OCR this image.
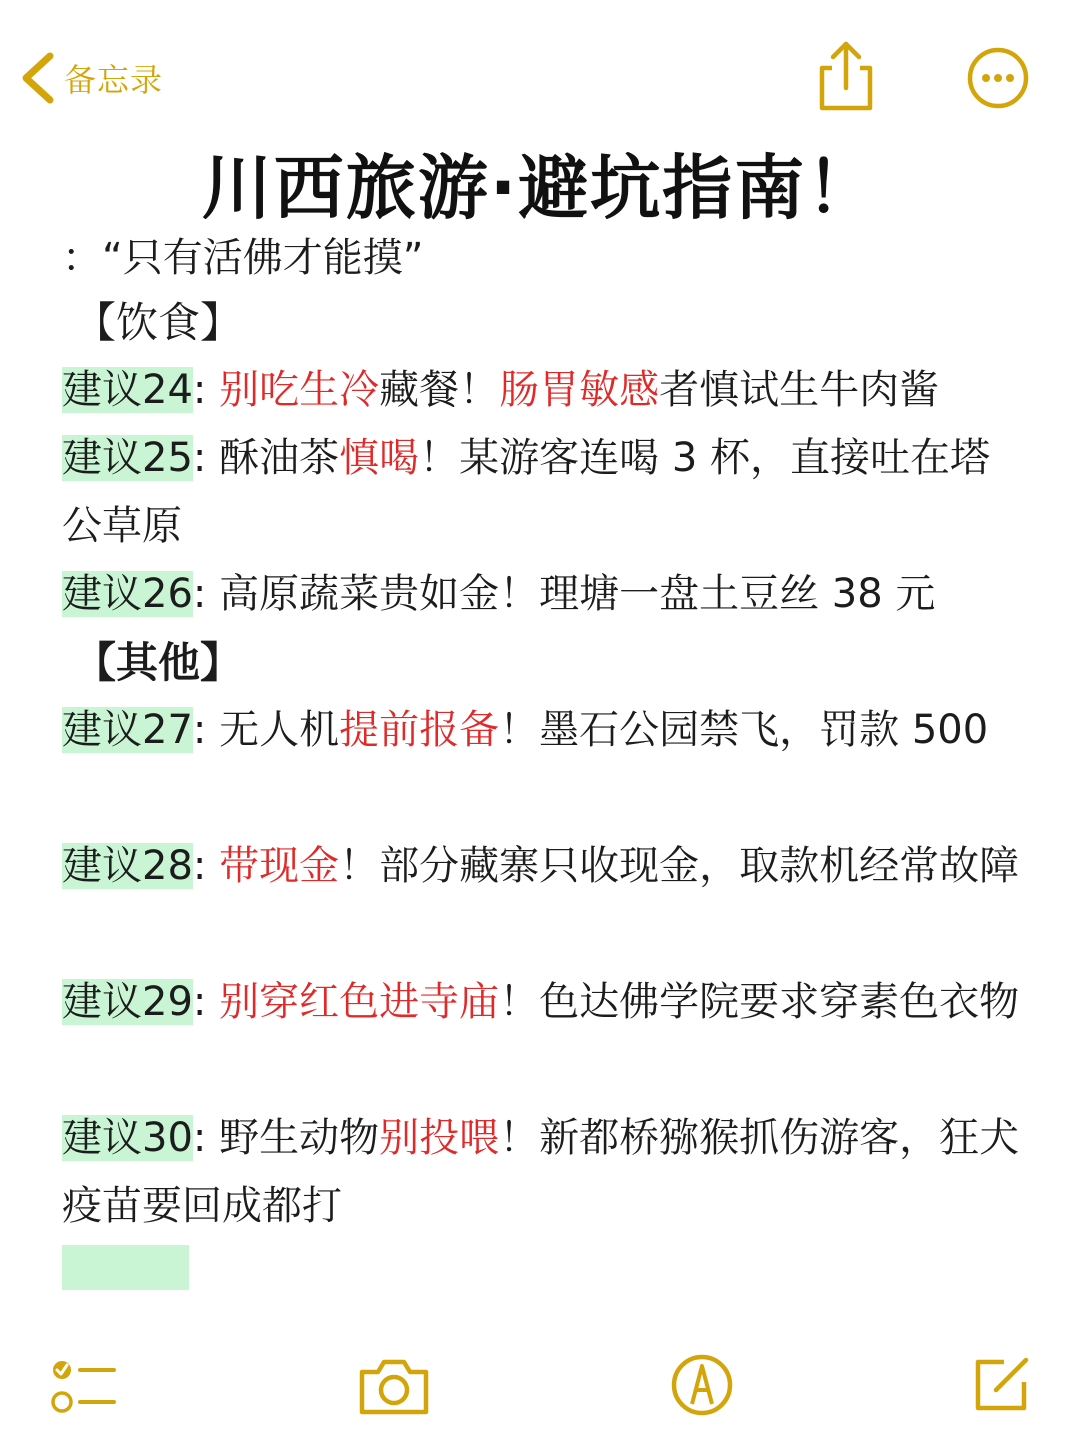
备忘录
川西旅游·避坑指南！
：“只有活佛才能摸”
【饮食】
建议24: 别吃生冷藏餐！肠胃敏感者慎试生牛肉酱
建议25: 酥油茶慎喝！某游客连喝 3 杯，直接吐在塔公草原
建议26: 高原蔬菜贵如金！理塘一盘土豆丝 38 元
【其他】
建议27: 无人机提前报备！墨石公园禁飞，罚款 500
建议28: 带现金！部分藏寨只收现金，取款机经常故障
建议29: 别穿红色进寺庙！色达佛学院要求穿素色衣物
建议30: 野生动物别投喂！新都桥猕猴抓伤游客，狂犬疫苗要回成都打
